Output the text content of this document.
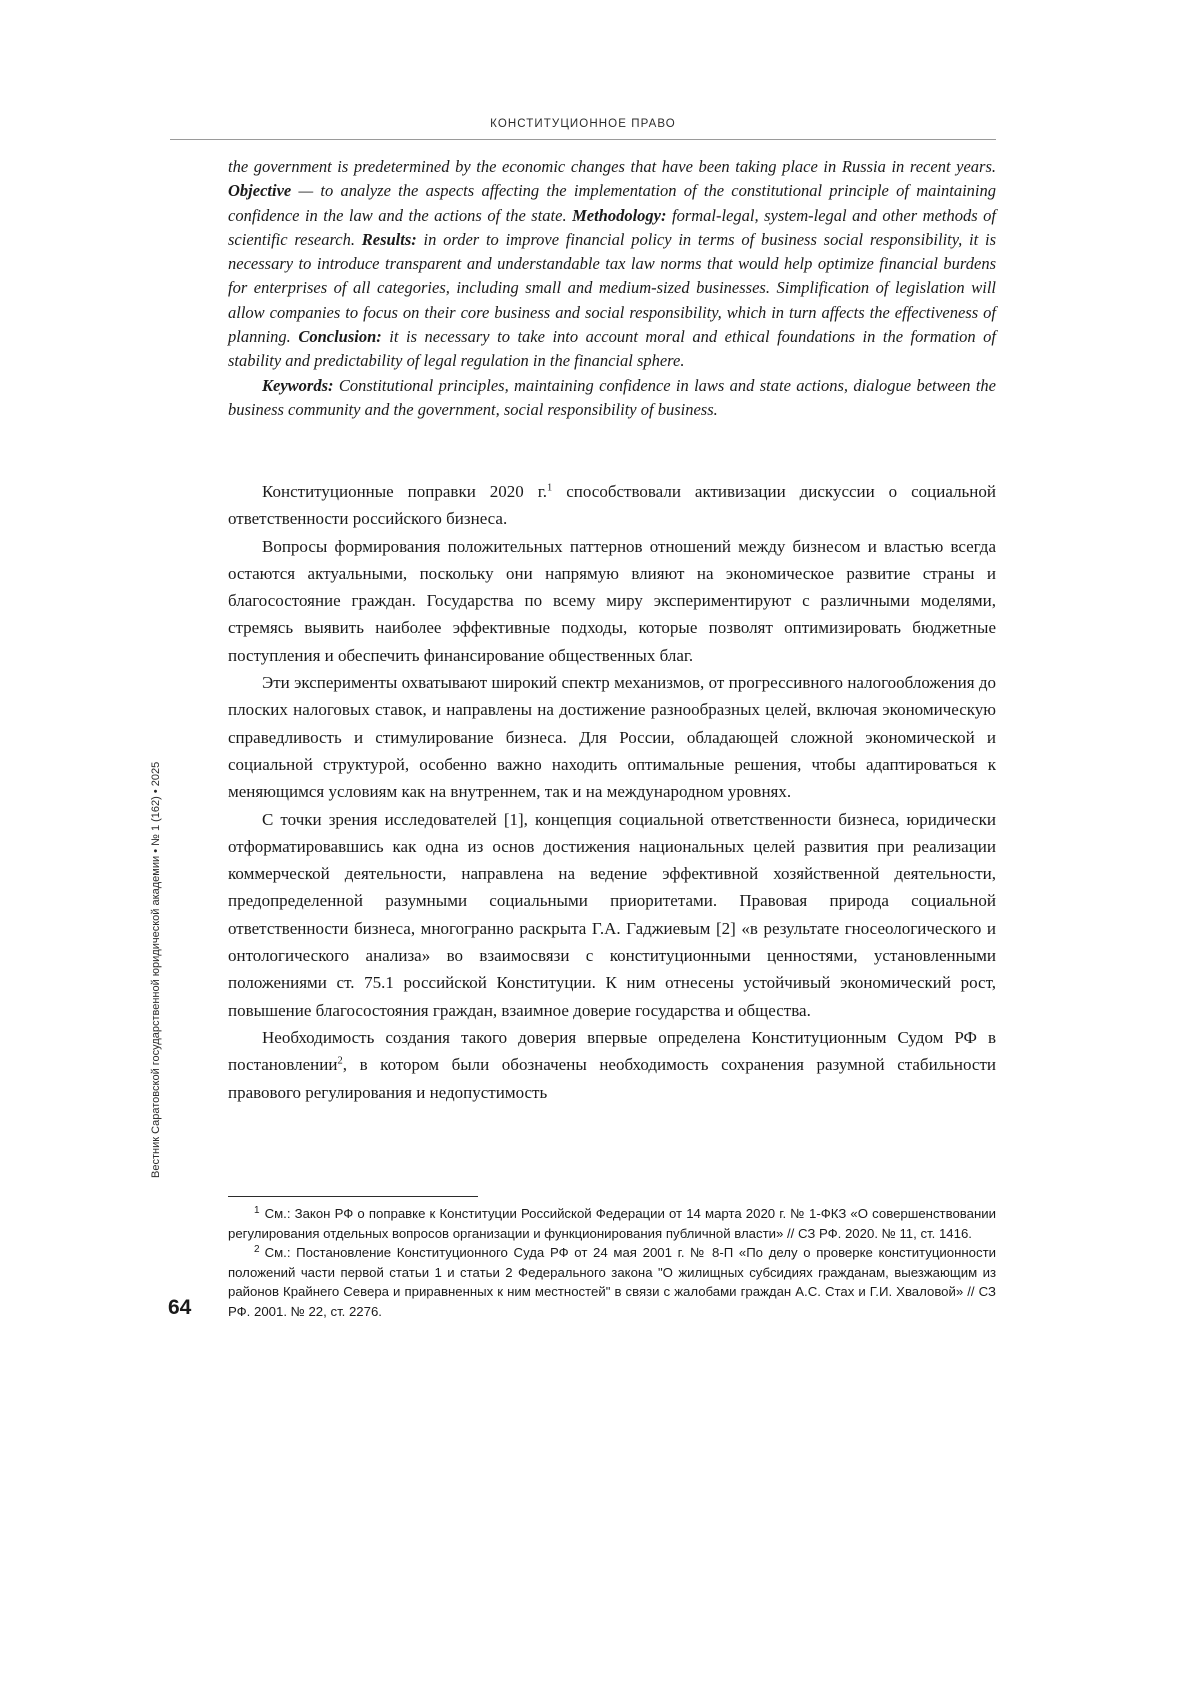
КОНСТИТУЦИОННОЕ ПРАВО
Вестник Саратовской государственной юридической академии • № 1 (162) • 2025
64

the government is predetermined by the economic changes that have been taking place in Russia in recent years. Objective — to analyze the aspects affecting the implementation of the constitutional principle of maintaining confidence in the law and the actions of the state. Methodology: formal-legal, system-legal and other methods of scientific research. Results: in order to improve financial policy in terms of business social responsibility, it is necessary to introduce transparent and understandable tax law norms that would help optimize financial burdens for enterprises of all categories, including small and medium-sized businesses. Simplification of legislation will allow companies to focus on their core business and social responsibility, which in turn affects the effectiveness of planning. Conclusion: it is necessary to take into account moral and ethical foundations in the formation of stability and predictability of legal regulation in the financial sphere.

Keywords: Constitutional principles, maintaining confidence in laws and state actions, dialogue between the business community and the government, social responsibility of business.

Конституционные поправки 2020 г.$^1$ способствовали активизации дискуссии о социальной ответственности российского бизнеса.

Вопросы формирования положительных паттернов отношений между бизнесом и властью всегда остаются актуальными, поскольку они напрямую влияют на экономическое развитие страны и благосостояние граждан. Государства по всему миру экспериментируют с различными моделями, стремясь выявить наиболее эффективные подходы, которые позволят оптимизировать бюджетные поступления и обеспечить финансирование общественных благ.

Эти эксперименты охватывают широкий спектр механизмов, от прогрессивного налогообложения до плоских налоговых ставок, и направлены на достижение разнообразных целей, включая экономическую справедливость и стимулирование бизнеса. Для России, обладающей сложной экономической и социальной структурой, особенно важно находить оптимальные решения, чтобы адаптироваться к меняющимся условиям как на внутреннем, так и на международном уровнях.

С точки зрения исследователей [1], концепция социальной ответственности бизнеса, юридически отформатировавшись как одна из основ достижения национальных целей развития при реализации коммерческой деятельности, направлена на ведение эффективной хозяйственной деятельности, предопределенной разумными социальными приоритетами. Правовая природа социальной ответственности бизнеса, многогранно раскрыта Г.А. Гаджиевым [2] «в результате гносеологического и онтологического анализа» во взаимосвязи с конституционными ценностями, установленными положениями ст. 75.1 российской Конституции. К ним отнесены устойчивый экономический рост, повышение благосостояния граждан, взаимное доверие государства и общества.

Необходимость создания такого доверия впервые определена Конституционным Судом РФ в постановлении$^2$, в котором были обозначены необходимость сохранения разумной стабильности правового регулирования и недопустимость

$^1$ См.: Закон РФ о поправке к Конституции Российской Федерации от 14 марта 2020 г. № 1-ФКЗ «О совершенствовании регулирования отдельных вопросов организации и функционирования публичной власти» // СЗ РФ. 2020. № 11, ст. 1416.

$^2$ См.: Постановление Конституционного Суда РФ от 24 мая 2001 г. № 8-П «По делу о проверке конституционности положений части первой статьи 1 и статьи 2 Федерального закона "О жилищных субсидиях гражданам, выезжающим из районов Крайнего Севера и приравненных к ним местностей" в связи с жалобами граждан А.С. Стах и Г.И. Хваловой» // СЗ РФ. 2001. № 22, ст. 2276.
